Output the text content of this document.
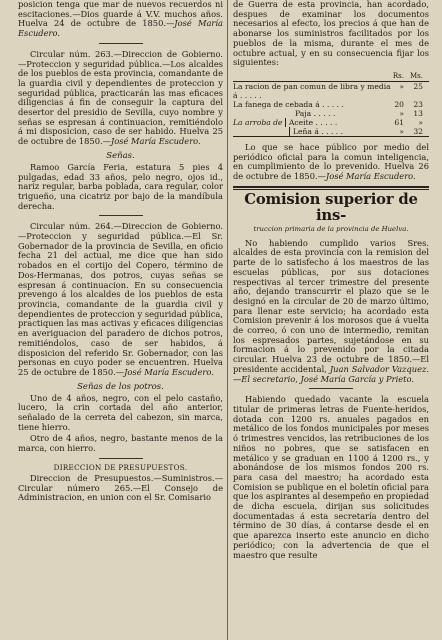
posicion tenga que mar de nuevos recuerdos ni escitaciones.—Dios guarde á V.V. muchos años. Huelva 24 de octubre de 1850.—José María Escudero.

Circular núm. 263.—Direccion de Gobierno.—Proteccion y seguridad pública.—Los alcaldes de los pueblos de esta provincia, comandante de la guardia civil y dependientes de proteccion y seguridad pública, practicarán las mas eficaces diligencias á fin de conseguir la captura del desertor del presidio de Sevilla, cuyo nombre y señas se espresan á continuacion, remitiéndolo á mi disposicion, caso de ser habido. Huelva 25 de octubre de 1850.—José María Escudero.

Señas.

Ramoo García Feria, estatura 5 pies 4 pulgadas, edad 33 años, pelo negro, ojos id., nariz regular, barba poblada, cara regular, color trigueño, una cicatriz por bajo de la mandíbula derecha.

Circular núm. 264.—Direccion de Gobierno.—Proteccion y seguridad pública.—El Sr. Gobernador de la provincia de Sevilla, en oficio fecha 21 del actual, me dice que han sido robados en el cortijo del Copero, término de Dos-Hermanas, dos potros, cuyas señas se espresan á continuacion. En su consecuencia prevengo á los alcaldes de los pueblos de esta provincia, comandante de la guardia civil y dependientes de proteccion y seguridad pública, practiquen las mas activas y eficaces diligencias en averiguacion del paradero de dichos potros, remitiéndolos, caso de ser habidos, á disposicion del referido Sr. Gobernador, con las personas en cuyo poder se encuentren. Huelva 25 de octubre de 1850.—José María Escudero.

Señas de los potros.

Uno de 4 años, negro, con el pelo castaño, lucero, la crin cortada del año anterior, señalado de la cerreta del cabezon, sin marca, tiene hierro.

Otro de 4 años, negro, bastante menos de la marca, con hierro.

DIRECCION DE PRESUPUESTOS.

Direccion de Presupuestos.—Suministros.—Circular número 265.—El Consejo de Administracion, en union con el Sr. Comisario

de Guerra de esta provincia, han acordado, despues de examinar los documentos necesarios al efecto, los precios á que han de abonarse los suministros facilitados por los pueblos de la misma, durante el mes de octubre actual, y en su consecuencia fijar los siguientes:

	Rs.	Ms.
La racion de pan comun de libra y media á . . . . .	»	25
La fanega de cebada á . . . . .	20	23
Paja . . . . .	»	13
La arroba de Aceite . . . . .	61	»
Leña á . . . . .	»	32

Lo que se hace público por medio del periódico oficial para la comun inteligencia, en cumplimiento de lo prevenido. Huelva 26 de octubre de 1850.—José María Escudero.

Comision superior de ins-
truccion primaria de la provincia de Huelva.

No habiendo cumplido varios Sres. alcaldes de esta provincia con la remision del parte de lo satisfecho á los maestros de las escuelas públicas, por sus dotaciones respectivas al tercer trimestre del presente año, dejando transcurrir el plazo que se le designó en la circular de 20 de marzo último, para llenar este servicio; ha acordado esta Comision prevenir á los morosos que á vuelta de correo, ó con uno de intermedio, remitan los espresados partes, sujetándose en su formacion á lo prevenido por la citada circular. Huelva 23 de octubre de 1850.—El presidente accidental, Juan Salvador Vazquez.—El secretario, José María García y Prieto.

Habiendo quedado vacante la escuela titular de primeras letras de Fuente-heridos, dotada con 1200 rs. anuales pagados en metálico de los fondos municipales por meses ó trimestres vencidos, las retribuciones de los niños no pobres, que se satisfacen en metálico y se graduan en 1100 á 1200 rs., y abonándose de los mismos fondos 200 rs. para casa del maestro; ha acordado esta Comision se publique en el boletín oficial para que los aspirantes al desempeño en propiedad de dicha escuela, dirijan sus solicitudes documentadas á esta secretaría dentro del término de 30 días, á contarse desde el en que aparezca inserto este anuncio en dicho periódico; con la advertencia de que el maestro que resulte
